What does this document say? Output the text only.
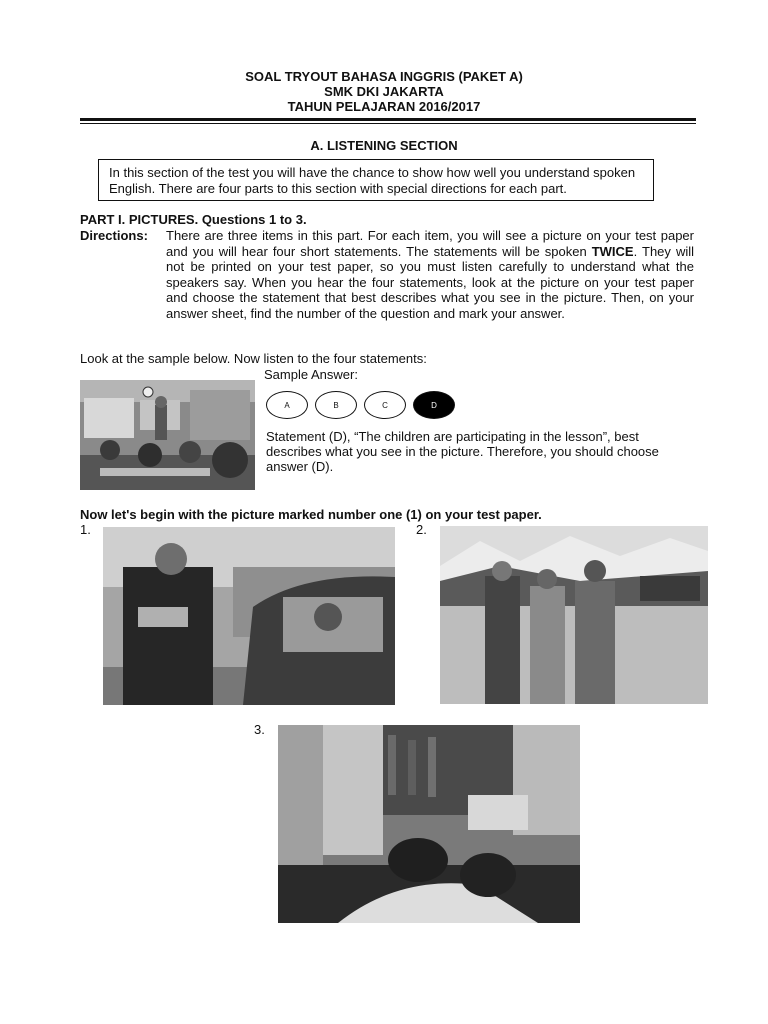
SOAL TRYOUT BAHASA INGGRIS (PAKET A)
SMK DKI JAKARTA
TAHUN PELAJARAN 2016/2017
A. LISTENING SECTION
In this section of the test you will have the chance to show how well you understand spoken English. There are four parts to this section with special directions for each part.
PART I. PICTURES. Questions 1 to 3.
Directions: There are three items in this part. For each item, you will see a picture on your test paper and you will hear four short statements. The statements will be spoken TWICE. They will not be printed on your test paper, so you must listen carefully to understand what the speakers say. When you hear the four statements, look at the picture on your test paper and choose the statement that best describes what you see in the picture. Then, on your answer sheet, find the number of the question and mark your answer.
Look at the sample below. Now listen to the four statements:
Sample Answer:
A	B	C	D
Statement (D), “The children are participating in the lesson”, best describes what you see in the picture. Therefore, you should choose answer (D).
Now let's begin with the picture marked number one (1) on your test paper.
1.	2.
3.
